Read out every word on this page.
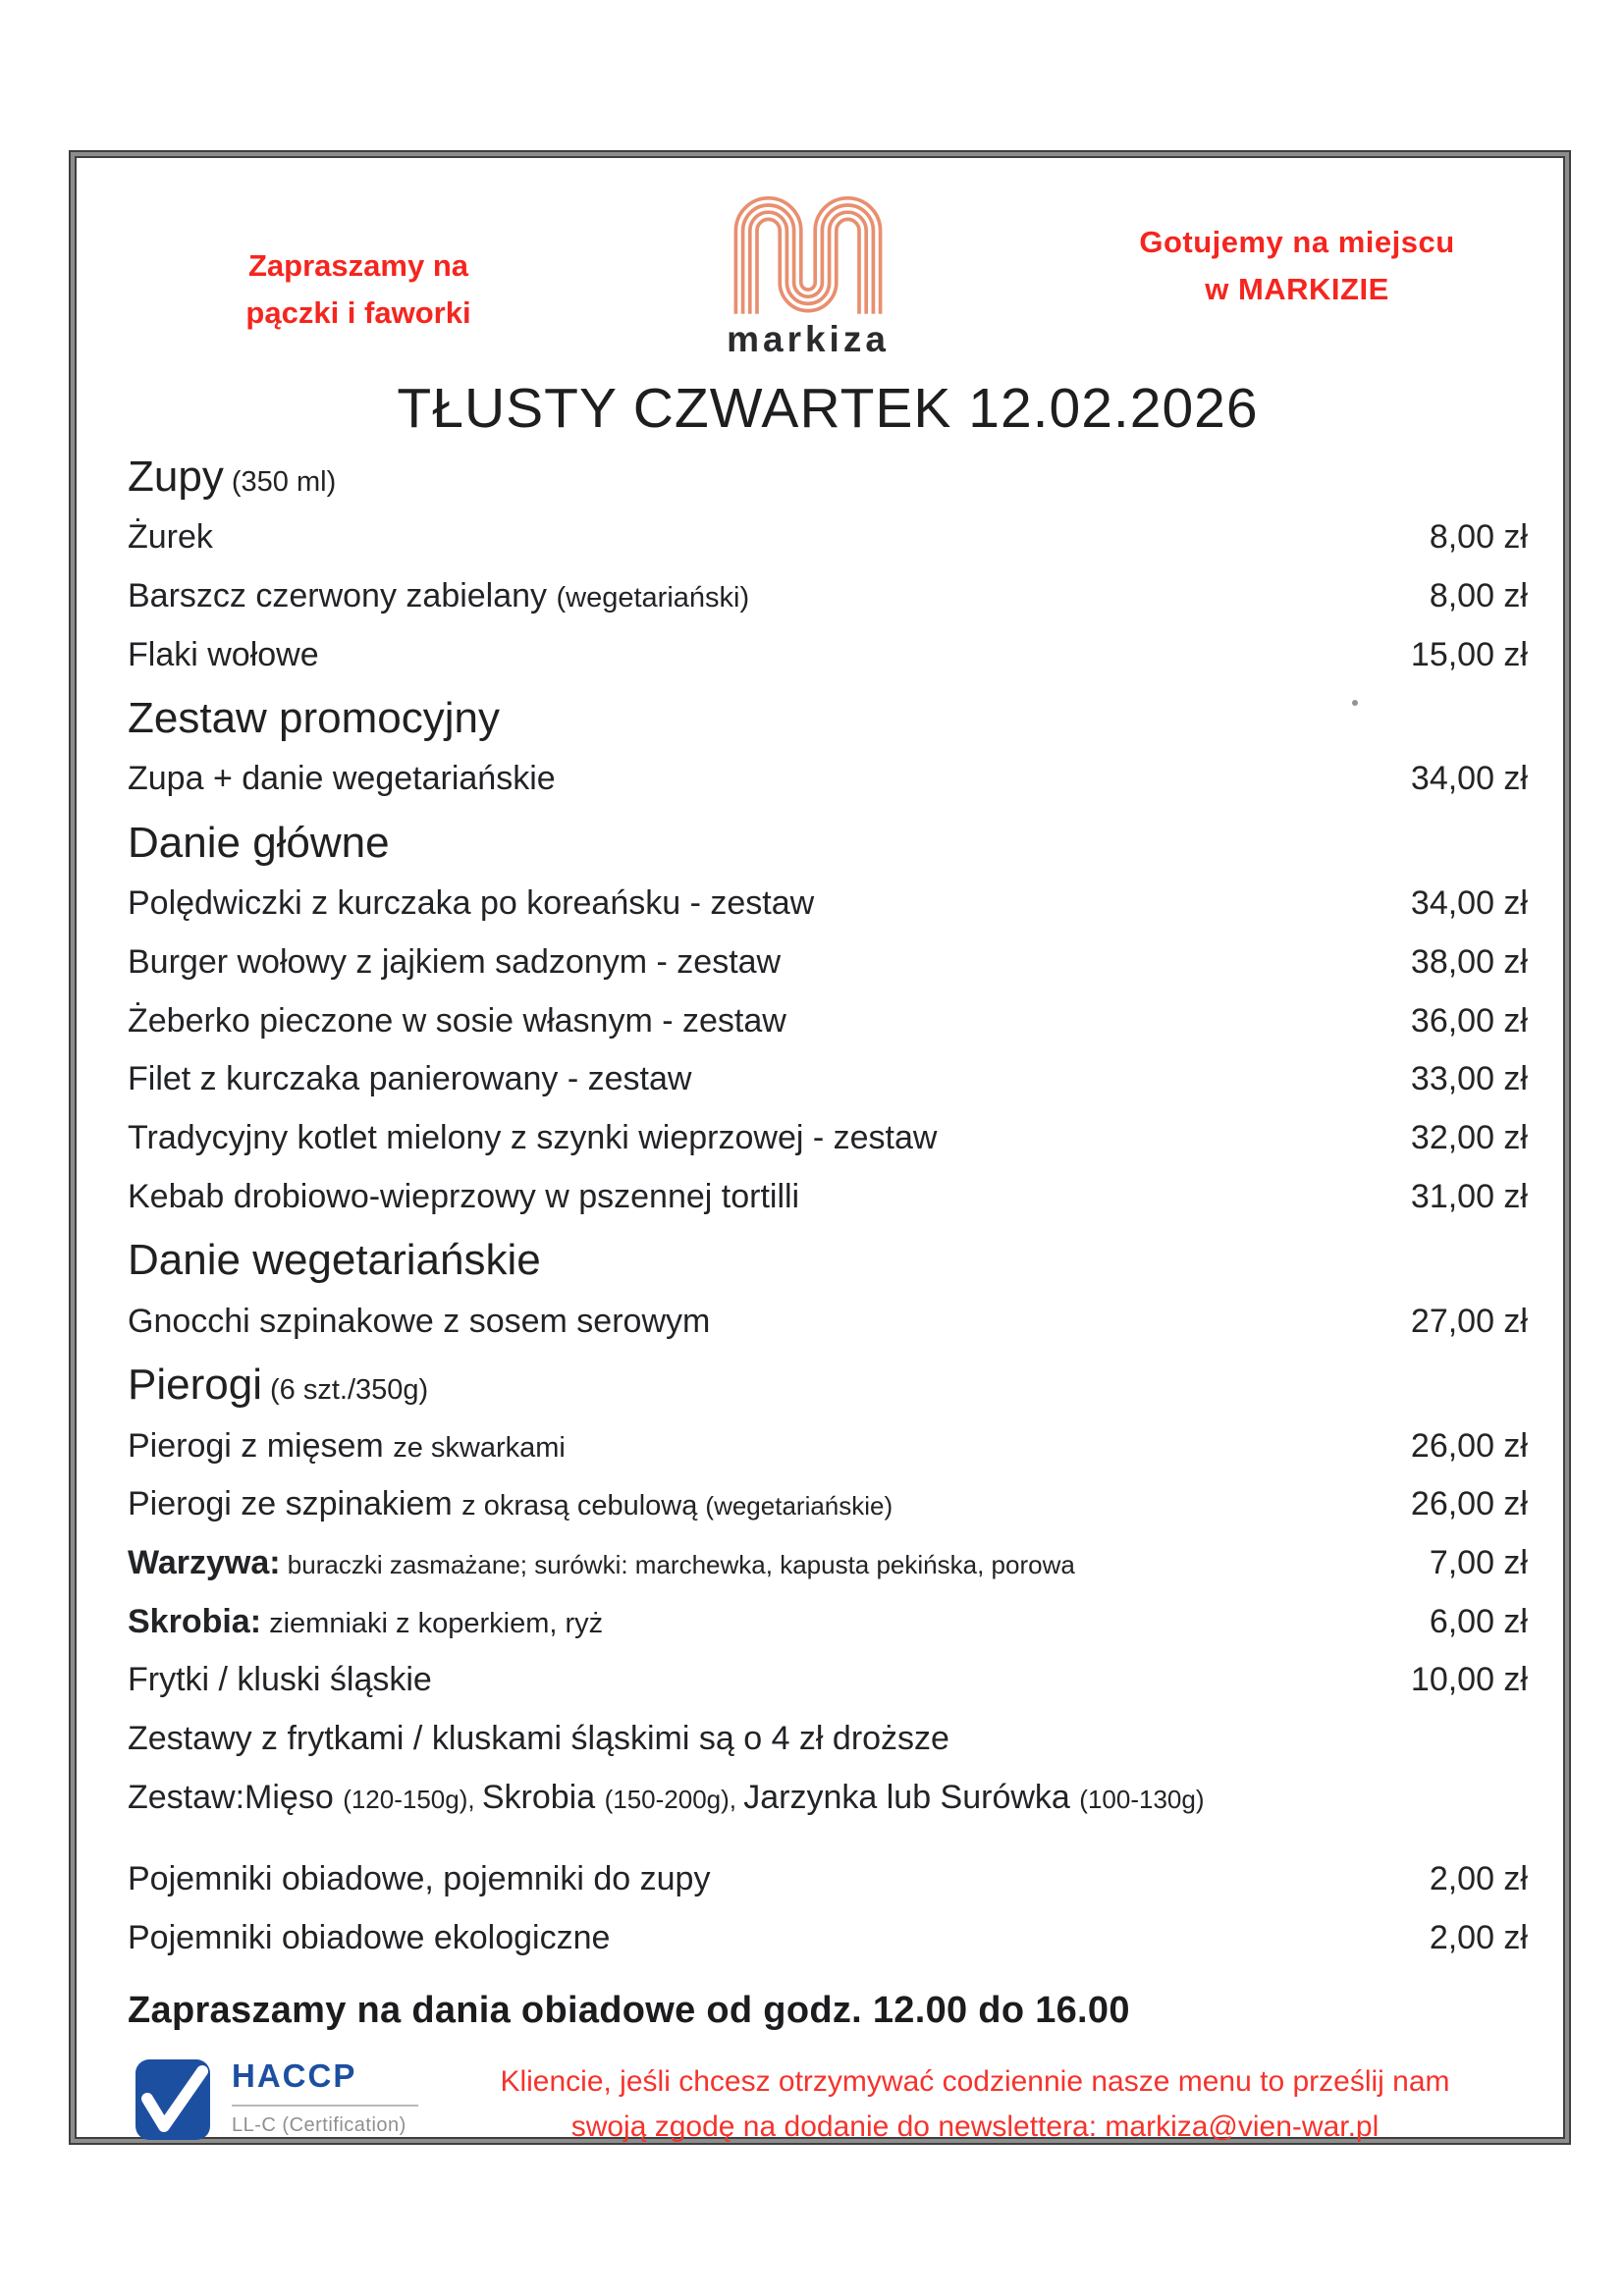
Zapraszamy na
pączki i faworki
markiza
Gotujemy na miejscu
w MARKIZIE
TŁUSTY CZWARTEK 12.02.2026
Zupy (350 ml)
Żurek	8,00 zł
Barszcz czerwony zabielany (wegetariański)	8,00 zł
Flaki wołowe	15,00 zł
Zestaw promocyjny
Zupa + danie wegetariańskie	34,00 zł
Danie główne
Polędwiczki z kurczaka po koreańsku - zestaw	34,00 zł
Burger wołowy z jajkiem sadzonym - zestaw	38,00 zł
Żeberko pieczone w sosie własnym - zestaw	36,00 zł
Filet z kurczaka panierowany - zestaw	33,00 zł
Tradycyjny kotlet mielony z szynki wieprzowej - zestaw	32,00 zł
Kebab drobiowo-wieprzowy w pszennej tortilli	31,00 zł
Danie wegetariańskie
Gnocchi szpinakowe z sosem serowym	27,00 zł
Pierogi (6 szt./350g)
Pierogi z mięsem ze skwarkami	26,00 zł
Pierogi ze szpinakiem z okrasą cebulową (wegetariańskie)	26,00 zł
Warzywa: buraczki zasmażane; surówki: marchewka, kapusta pekińska, porowa	7,00 zł
Skrobia: ziemniaki z koperkiem, ryż	6,00 zł
Frytki / kluski śląskie	10,00 zł
Zestawy z frytkami / kluskami śląskimi są o 4 zł droższe
Zestaw:Mięso (120-150g), Skrobia (150-200g), Jarzynka lub Surówka (100-130g)
Pojemniki obiadowe, pojemniki do zupy	2,00 zł
Pojemniki obiadowe ekologiczne	2,00 zł
Zapraszamy na dania obiadowe od godz. 12.00 do 16.00
HACCP
LL-C (Certification)
Kliencie, jeśli chcesz otrzymywać codziennie nasze menu to prześlij nam
swoją zgodę na dodanie do newslettera: markiza@vien-war.pl
